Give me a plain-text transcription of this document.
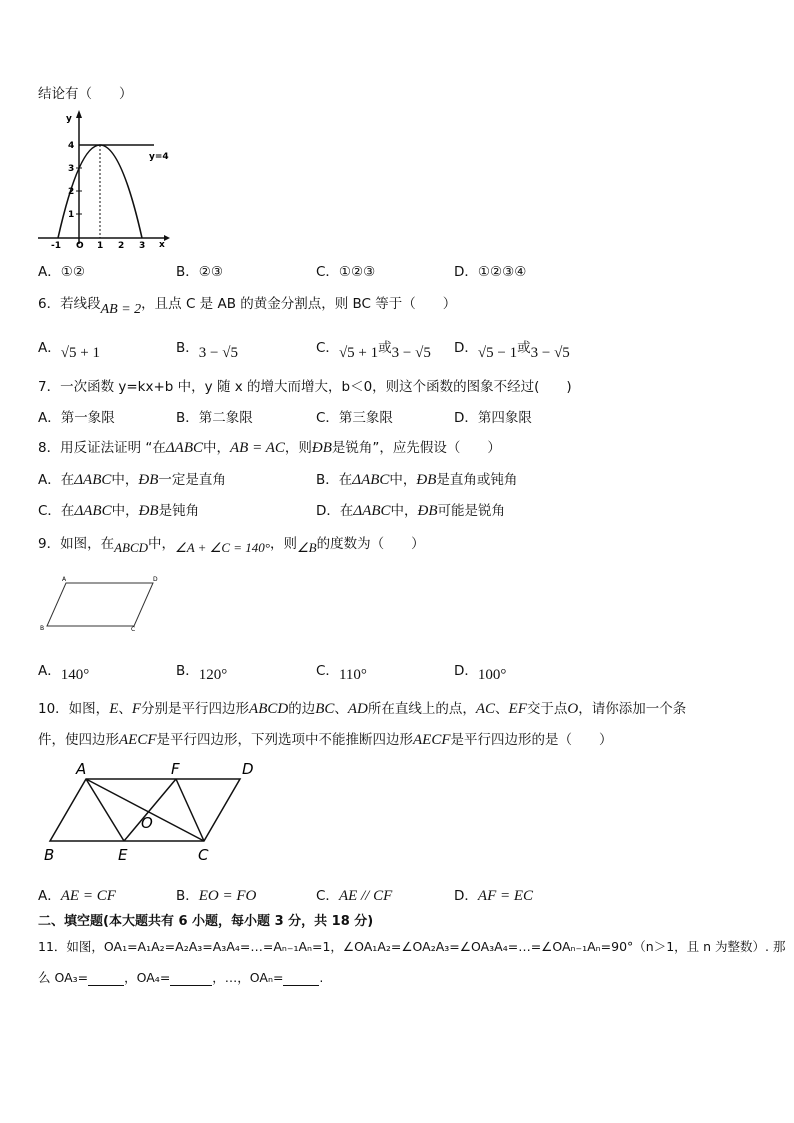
结论有（　　）
y
x
O
y=4
-1	1 2 3
1
2
3
4
A．①②	B．②③	C．①②③	D．①②③④
6．若线段AB = 2，且点 C 是 AB 的黄金分割点，则 BC 等于（　　）
A．√5 + 1	B．3 − √5	C．√5 + 1或3 − √5 D．√5 − 1或3 − √5
7．一次函数 y=kx+b 中，y 随 x 的增大而增大，b＜0，则这个函数的图象不经过(　　)
A．第一象限	B．第二象限	C．第三象限	D．第四象限
8．用反证法证明 “在ΔABC中，AB = AC，则ÐB是锐角”，应先假设（　　）
A．在ΔABC中，ÐB一定是直角	B．在ΔABC中，ÐB是直角或钝角
C．在ΔABC中，ÐB是钝角	D．在ΔABC中，ÐB可能是锐角
9．如图，在ABCD中，∠A + ∠C = 140°，则∠B的度数为（　　）
A	D
B	C
A．140°	B．120°	C．110°	D．100°
10．如图，E、F分别是平行四边形ABCD的边BC、AD所在直线上的点，AC、EF交于点O，请你添加一个条
件，使四边形AECF是平行四边形，下列选项中不能推断四边形AECF是平行四边形的是（　　）
A	F	D
O
B	E	C
A．AE = CF	B．EO = FO	C．AE // CF	D．AF = EC
二、填空题(本大题共有 6 小题，每小题 3 分，共 18 分)
11．如图，OA₁=A₁A₂=A₂A₃=A₃A₄=…=Aₙ₋₁Aₙ=1，∠OA₁A₂=∠OA₂A₃=∠OA₃A₄=…=∠OAₙ₋₁Aₙ=90°（n＞1，且 n 为整数）. 那
么 OA₃=	，OA₄=	，…，OAₙ=	.
